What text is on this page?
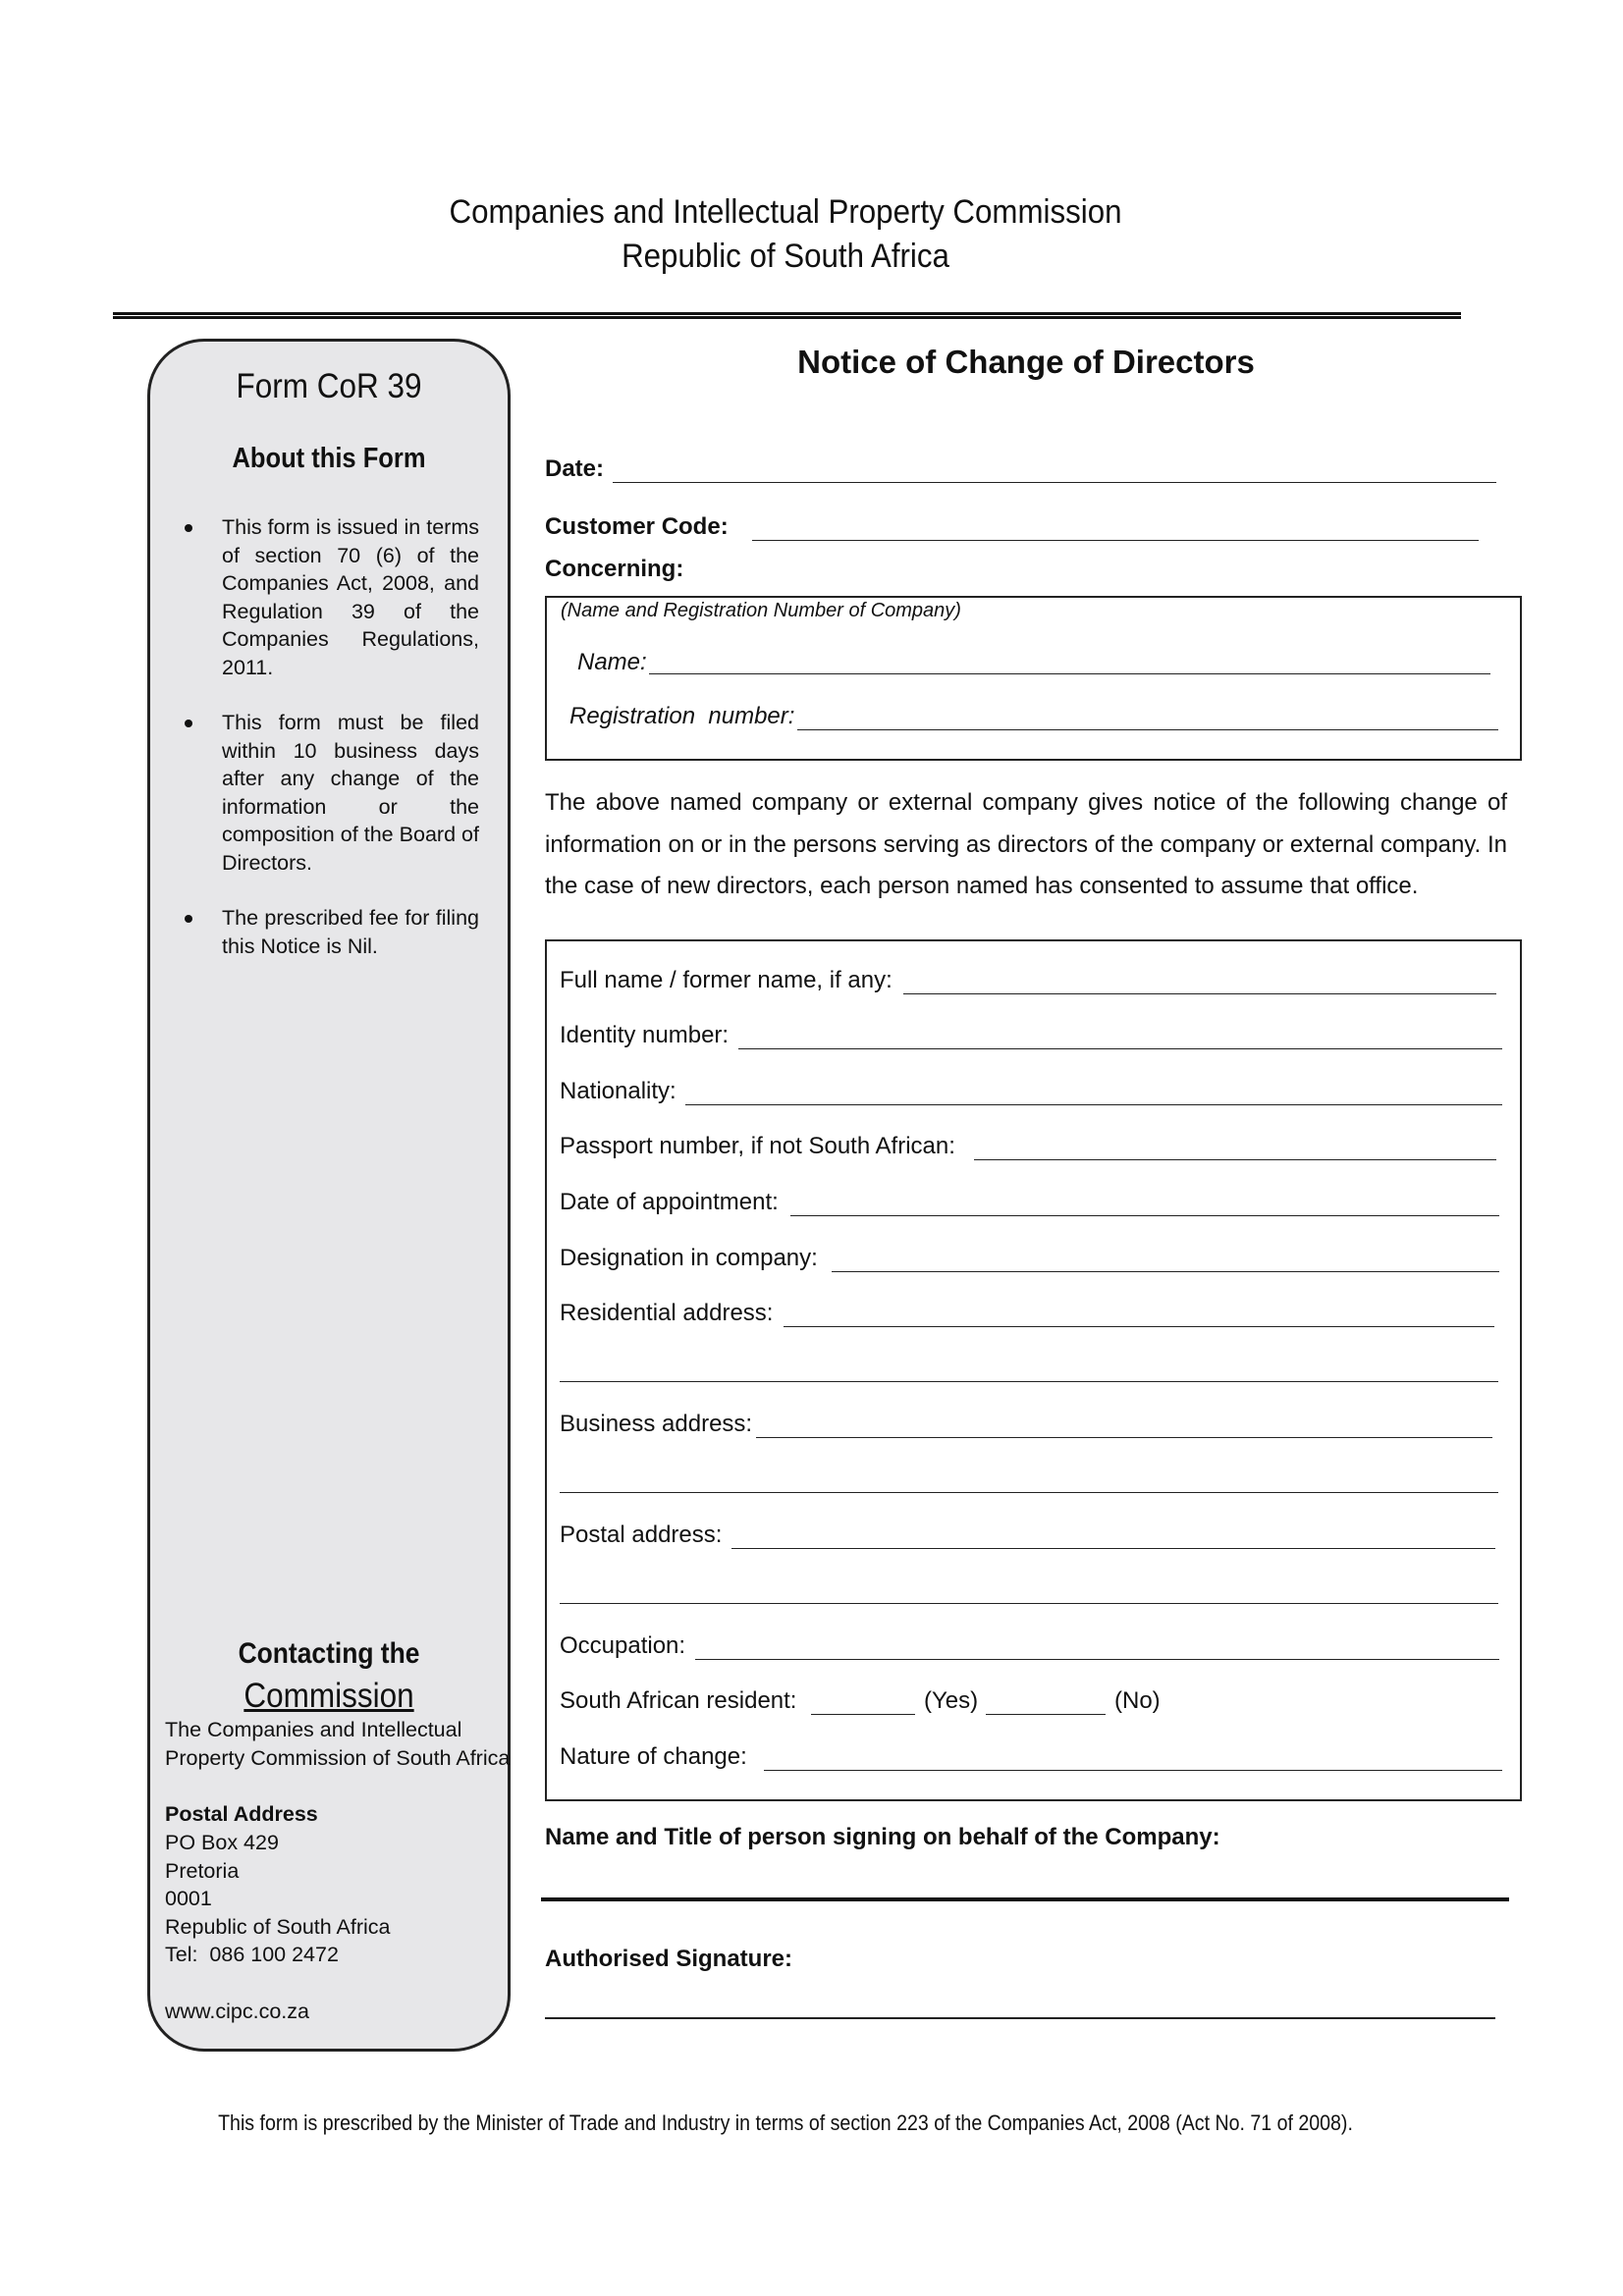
Companies and Intellectual Property Commission
Republic of South Africa
Form CoR 39
About this Form
This form is issued in terms of section 70 (6) of the Companies Act, 2008, and Regulation 39 of the Companies Regulations, 2011.
This form must be filed within 10 business days after any change of the information or the composition of the Board of Directors.
The prescribed fee for filing this Notice is Nil.
Contacting the
Commission
The Companies and Intellectual
Property Commission of South Africa
Postal Address
PO Box 429
Pretoria
0001
Republic of South Africa
Tel:  086 100 2472
www.cipc.co.za
Notice of Change of Directors
Date:
Customer Code:
Concerning:
(Name and Registration Number of Company)
Name:
Registration  number:
The above named company or external company gives notice of the following change of information on or in the persons serving as directors of the company or external company. In the case of new directors, each person named has consented to assume that office.
Full name / former name, if any:
Identity number:
Nationality:
Passport number, if not South African:
Date of appointment:
Designation in company:
Residential address:
Business address:
Postal address:
Occupation:
South African resident:	(Yes)	(No)
Nature of change:
Name and Title of person signing on behalf of the Company:
Authorised Signature:
This form is prescribed by the Minister of Trade and Industry in terms of section 223 of the Companies Act, 2008 (Act No. 71 of 2008).
